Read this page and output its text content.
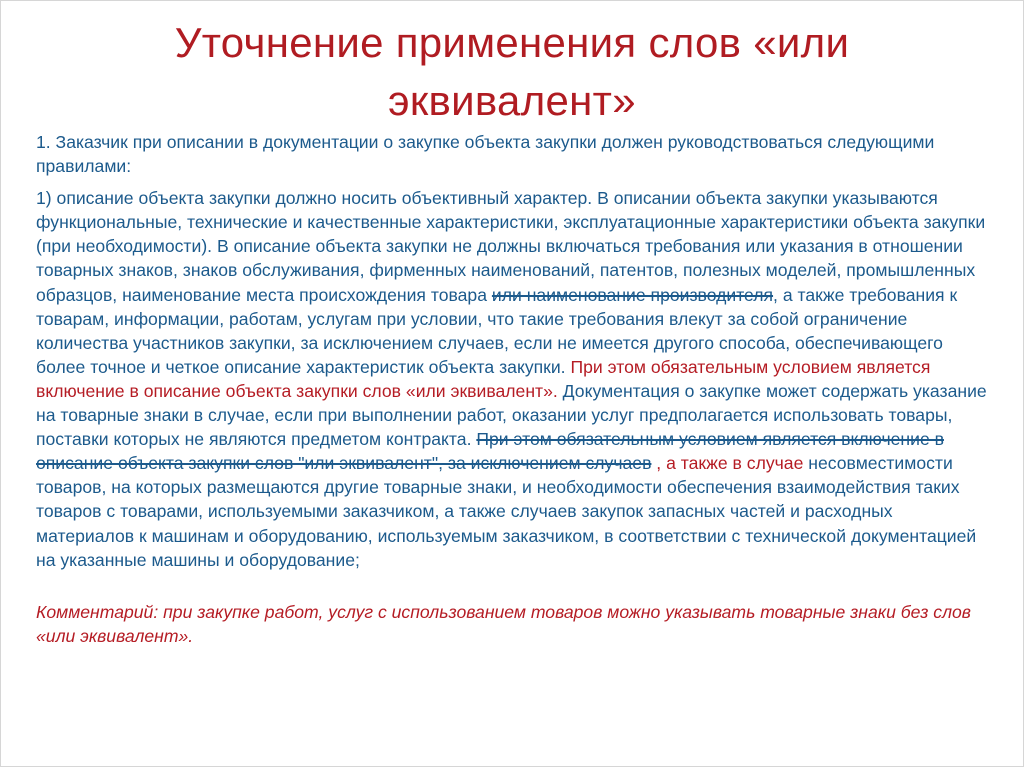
Уточнение применения слов «или
эквивалент»

1. Заказчик при описании в документации о закупке объекта закупки должен руководствоваться следующими правилами:

1) описание объекта закупки должно носить объективный характер. В описании объекта закупки указываются функциональные, технические и качественные характеристики, эксплуатационные характеристики объекта закупки (при необходимости). В описание объекта закупки не должны включаться требования или указания в отношении товарных знаков, знаков обслуживания, фирменных наименований, патентов, полезных моделей, промышленных образцов, наименование места происхождения товара или наименование производителя, а также требования к товарам, информации, работам, услугам при условии, что такие требования влекут за собой ограничение количества участников закупки, за исключением случаев, если не имеется другого способа, обеспечивающего более точное и четкое описание характеристик объекта закупки. При этом обязательным условием является включение в описание объекта закупки слов «или эквивалент». Документация о закупке может содержать указание на товарные знаки в случае, если при выполнении работ, оказании услуг предполагается использовать товары, поставки которых не являются предметом контракта. При этом обязательным условием является включение в описание объекта закупки слов "или эквивалент", за исключением случаев , а также в случае несовместимости товаров, на которых размещаются другие товарные знаки, и необходимости обеспечения взаимодействия таких товаров с товарами, используемыми заказчиком, а также случаев закупок запасных частей и расходных материалов к машинам и оборудованию, используемым заказчиком, в соответствии с технической документацией на указанные машины и оборудование;

Комментарий: при закупке работ, услуг с использованием товаров можно указывать товарные знаки без слов «или эквивалент».
